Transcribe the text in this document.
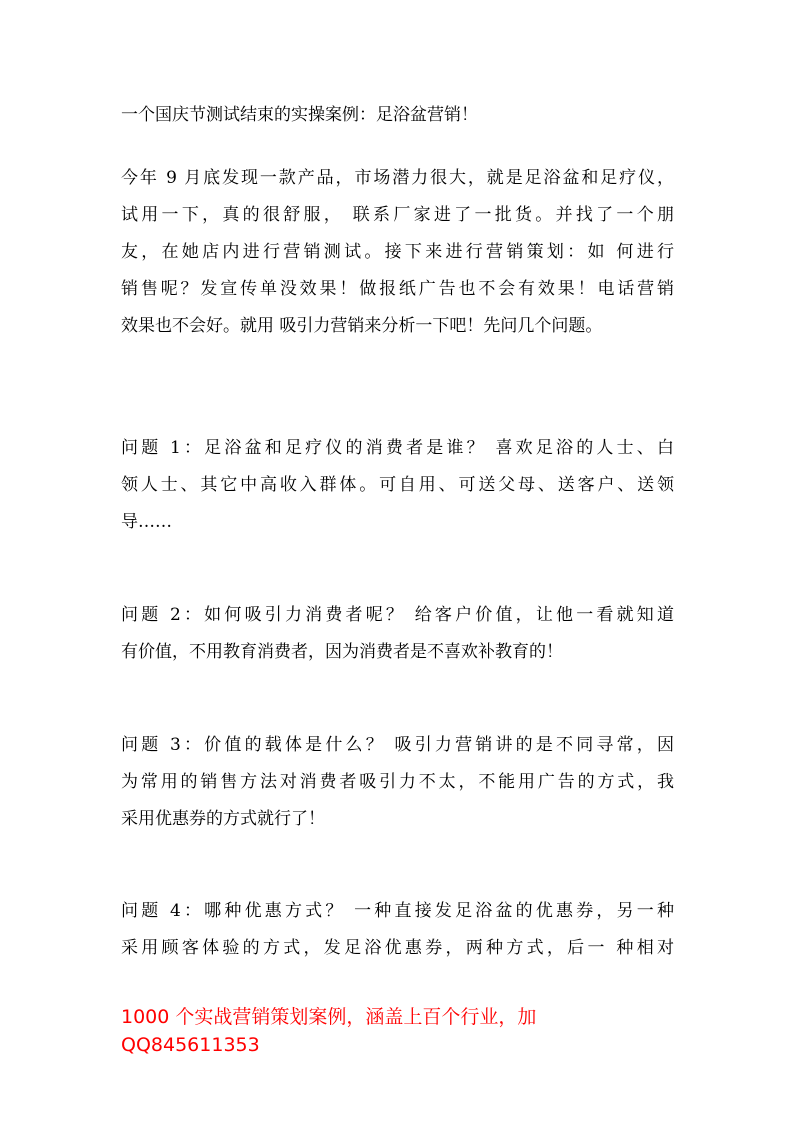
一个国庆节测试结束的实操案例：足浴盆营销！

今年 9 月底发现一款产品，市场潜力很大，就是足浴盆和足疗仪，
试用一下，真的很舒服， 联系厂家进了一批货。并找了一个朋
友，在她店内进行营销测试。接下来进行营销策划：如 何进行
销售呢？发宣传单没效果！做报纸广告也不会有效果！电话营销
效果也不会好。就用 吸引力营销来分析一下吧！先问几个问题。

问题 1：足浴盆和足疗仪的消费者是谁？ 喜欢足浴的人士、白
领人士、其它中高收入群体。可自用、可送父母、送客户、送领
导……

问题 2：如何吸引力消费者呢？ 给客户价值，让他一看就知道
有价值，不用教育消费者，因为消费者是不喜欢补教育的！

问题 3：价值的载体是什么？ 吸引力营销讲的是不同寻常，因
为常用的销售方法对消费者吸引力不太，不能用广告的方式，我
采用优惠券的方式就行了！

问题 4：哪种优惠方式？ 一种直接发足浴盆的优惠券，另一种
采用顾客体验的方式，发足浴优惠券，两种方式，后一 种相对

1000 个实战营销策划案例，涵盖上百个行业，加
QQ845611353
